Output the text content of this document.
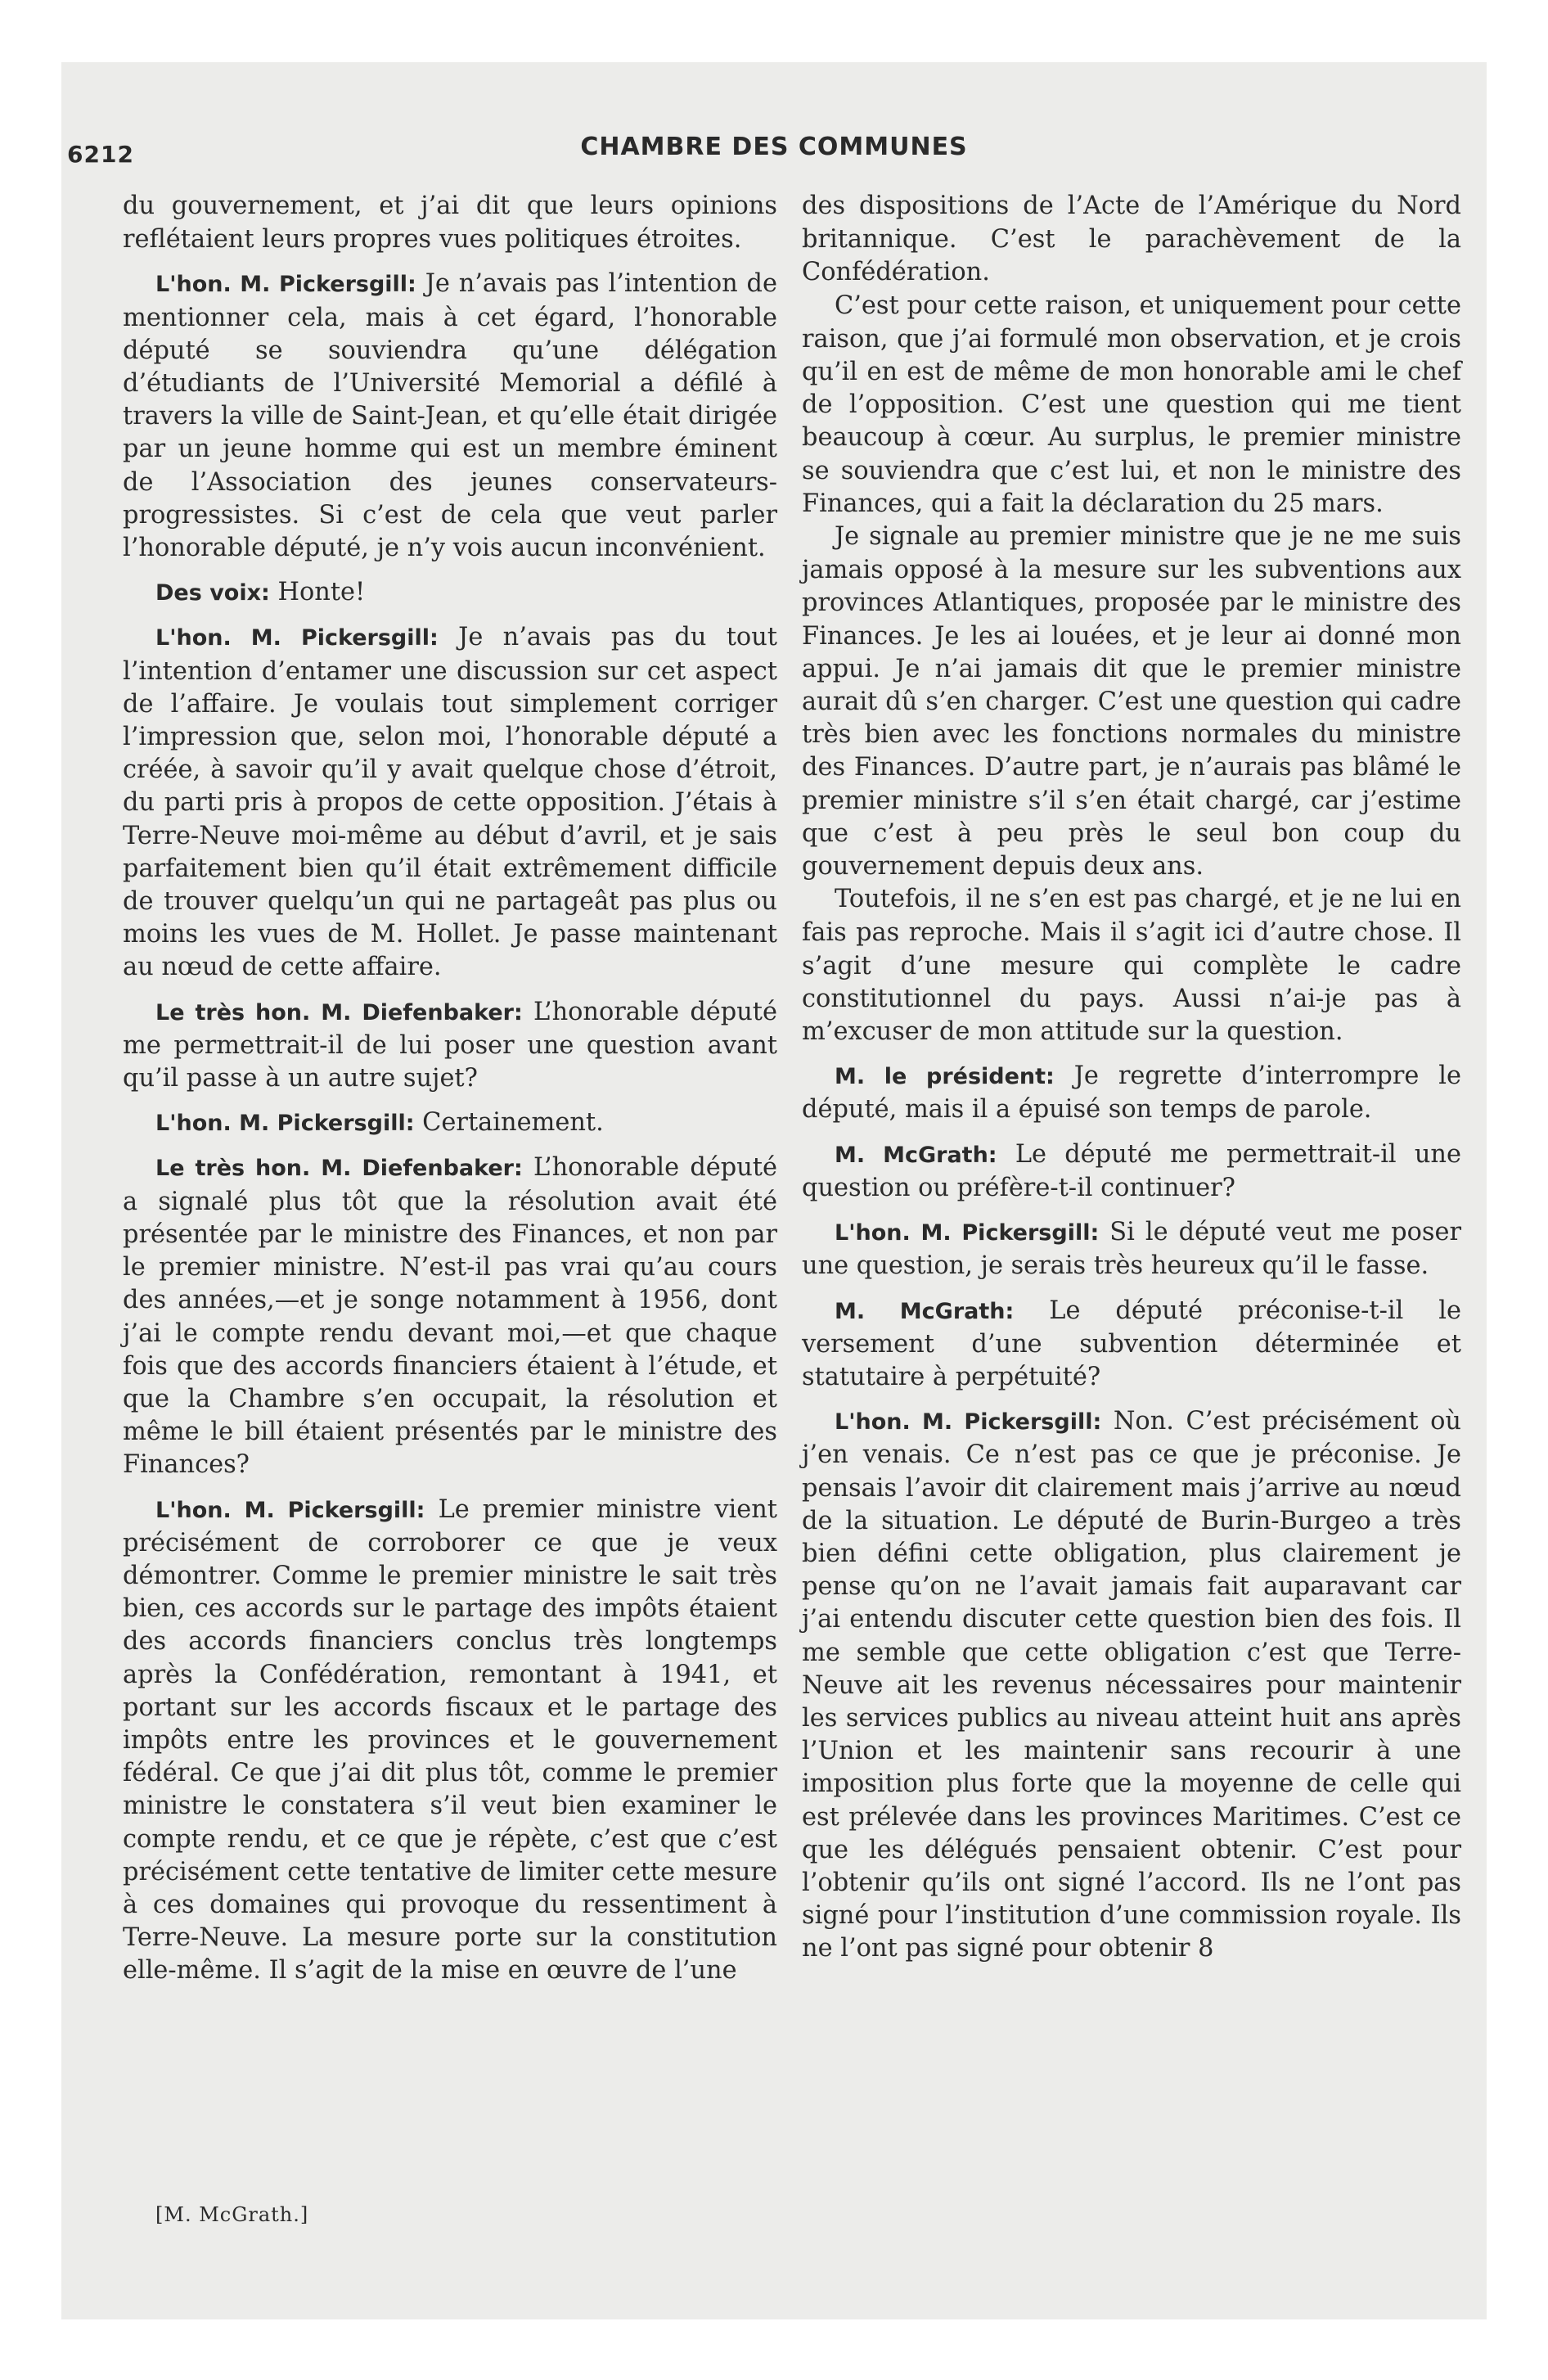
6212	CHAMBRE DES COMMUNES

du gouvernement, et j’ai dit que leurs opinions reflétaient leurs propres vues politiques étroites.

L'hon. M. Pickersgill: Je n’avais pas l’intention de mentionner cela, mais à cet égard, l’honorable député se souviendra qu’une délégation d’étudiants de l’Université Memorial a défilé à travers la ville de Saint-Jean, et qu’elle était dirigée par un jeune homme qui est un membre éminent de l’Association des jeunes conservateurs-progressistes. Si c’est de cela que veut parler l’honorable député, je n’y vois aucun inconvénient.

Des voix: Honte!

L'hon. M. Pickersgill: Je n’avais pas du tout l’intention d’entamer une discussion sur cet aspect de l’affaire. Je voulais tout simplement corriger l’impression que, selon moi, l’honorable député a créée, à savoir qu’il y avait quelque chose d’étroit, du parti pris à propos de cette opposition. J’étais à Terre-Neuve moi-même au début d’avril, et je sais parfaitement bien qu’il était extrêmement difficile de trouver quelqu’un qui ne partageât pas plus ou moins les vues de M. Hollet. Je passe maintenant au nœud de cette affaire.

Le très hon. M. Diefenbaker: L’honorable député me permettrait-il de lui poser une question avant qu’il passe à un autre sujet?

L'hon. M. Pickersgill: Certainement.

Le très hon. M. Diefenbaker: L’honorable député a signalé plus tôt que la résolution avait été présentée par le ministre des Finances, et non par le premier ministre. N’est-il pas vrai qu’au cours des années,—et je songe notamment à 1956, dont j’ai le compte rendu devant moi,—et que chaque fois que des accords financiers étaient à l’étude, et que la Chambre s’en occupait, la résolution et même le bill étaient présentés par le ministre des Finances?

L'hon. M. Pickersgill: Le premier ministre vient précisément de corroborer ce que je veux démontrer. Comme le premier ministre le sait très bien, ces accords sur le partage des impôts étaient des accords financiers conclus très longtemps après la Confédération, remontant à 1941, et portant sur les accords fiscaux et le partage des impôts entre les provinces et le gouvernement fédéral. Ce que j’ai dit plus tôt, comme le premier ministre le constatera s’il veut bien examiner le compte rendu, et ce que je répète, c’est que c’est précisément cette tentative de limiter cette mesure à ces domaines qui provoque du ressentiment à Terre-Neuve. La mesure porte sur la constitution elle-même. Il s’agit de la mise en œuvre de l’une

des dispositions de l’Acte de l’Amérique du Nord britannique. C’est le parachèvement de la Confédération.

C’est pour cette raison, et uniquement pour cette raison, que j’ai formulé mon observation, et je crois qu’il en est de même de mon honorable ami le chef de l’opposition. C’est une question qui me tient beaucoup à cœur. Au surplus, le premier ministre se souviendra que c’est lui, et non le ministre des Finances, qui a fait la déclaration du 25 mars.

Je signale au premier ministre que je ne me suis jamais opposé à la mesure sur les subventions aux provinces Atlantiques, proposée par le ministre des Finances. Je les ai louées, et je leur ai donné mon appui. Je n’ai jamais dit que le premier ministre aurait dû s’en charger. C’est une question qui cadre très bien avec les fonctions normales du ministre des Finances. D’autre part, je n’aurais pas blâmé le premier ministre s’il s’en était chargé, car j’estime que c’est à peu près le seul bon coup du gouvernement depuis deux ans.

Toutefois, il ne s’en est pas chargé, et je ne lui en fais pas reproche. Mais il s’agit ici d’autre chose. Il s’agit d’une mesure qui complète le cadre constitutionnel du pays. Aussi n’ai-je pas à m’excuser de mon attitude sur la question.

M. le président: Je regrette d’interrompre le député, mais il a épuisé son temps de parole.

M. McGrath: Le député me permettrait-il une question ou préfère-t-il continuer?

L'hon. M. Pickersgill: Si le député veut me poser une question, je serais très heureux qu’il le fasse.

M. McGrath: Le député préconise-t-il le versement d’une subvention déterminée et statutaire à perpétuité?

L'hon. M. Pickersgill: Non. C’est précisément où j’en venais. Ce n’est pas ce que je préconise. Je pensais l’avoir dit clairement mais j’arrive au nœud de la situation. Le député de Burin-Burgeo a très bien défini cette obligation, plus clairement je pense qu’on ne l’avait jamais fait auparavant car j’ai entendu discuter cette question bien des fois. Il me semble que cette obligation c’est que Terre-Neuve ait les revenus nécessaires pour maintenir les services publics au niveau atteint huit ans après l’Union et les maintenir sans recourir à une imposition plus forte que la moyenne de celle qui est prélevée dans les provinces Maritimes. C’est ce que les délégués pensaient obtenir. C’est pour l’obtenir qu’ils ont signé l’accord. Ils ne l’ont pas signé pour l’institution d’une commission royale. Ils ne l’ont pas signé pour obtenir 8

[M. McGrath.]
